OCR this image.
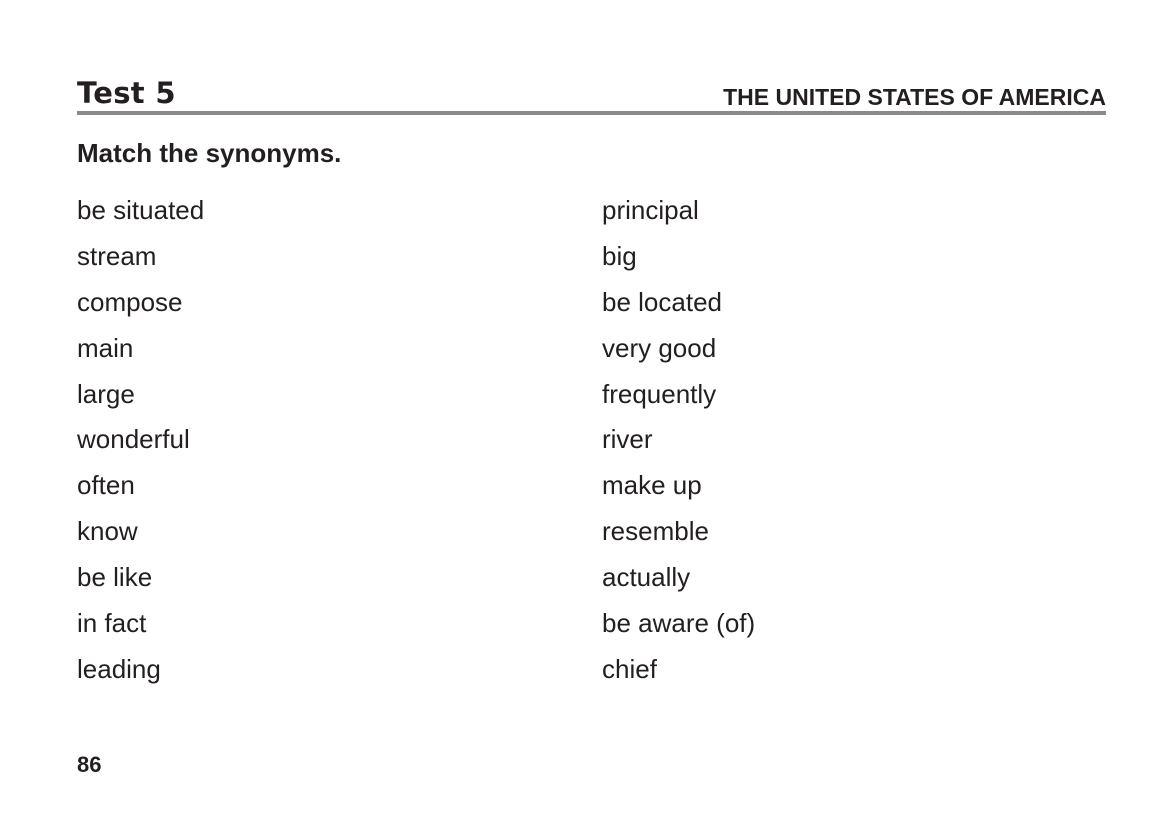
Test 5	THE UNITED STATES OF AMERICA
Match the synonyms.
be situated
stream
compose
main
large
wonderful
often
know
be like
in fact
leading
principal
big
be located
very good
frequently
river
make up
resemble
actually
be aware (of)
chief
86
